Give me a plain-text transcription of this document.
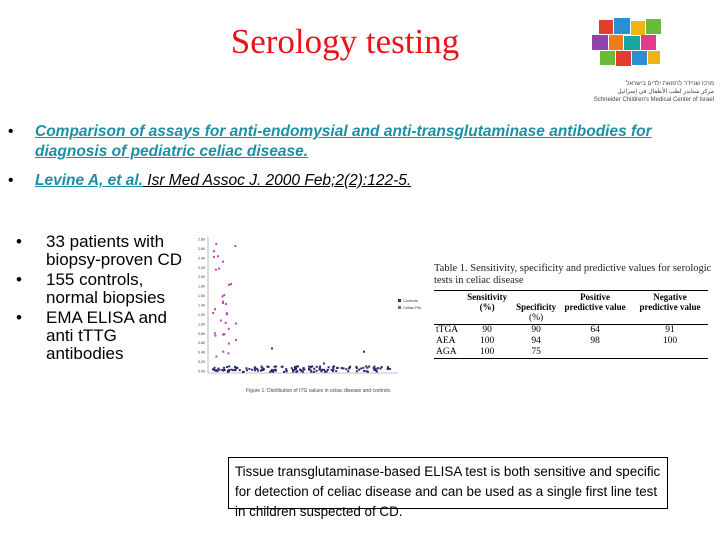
Serology testing
מרכז שניידר לרפואת ילדים בישראל
مركز شنايدر لطب الأطفال في إسرائيل
Schneider Children's Medical Center of Israel
• Comparison of assays for anti-endomysial and anti-transglutaminase antibodies for diagnosis of pediatric celiac disease.
• Levine A, et al. Isr Med Assoc J. 2000 Feb;2(2):122-5.
• 33 patients with biopsy-proven CD
• 155 controls, normal biopsies
• EMA ELISA and anti tTTG antibodies
0.00
0.20
0.40
0.60
0.80
1.00
1.20
1.40
1.60
1.80
2.00
2.20
2.40
2.60
2.80
Controls
Celiac Pts
Figure 1: Distribution of tTG values in celiac disease and controls.
Table 1. Sensitivity, specificity and predictive values for serologic tests in celiac disease
	Sensitivity (%)	Specificity	Positive predictive value	Negative predictive value
		(%)		
tTGA	90	90	64	91
AEA	100	94	98	100
AGA	100	75		
Tissue transglutaminase-based ELISA test is both sensitive and specific for detection of celiac disease and can be used as a single first line test in children suspected of CD.
